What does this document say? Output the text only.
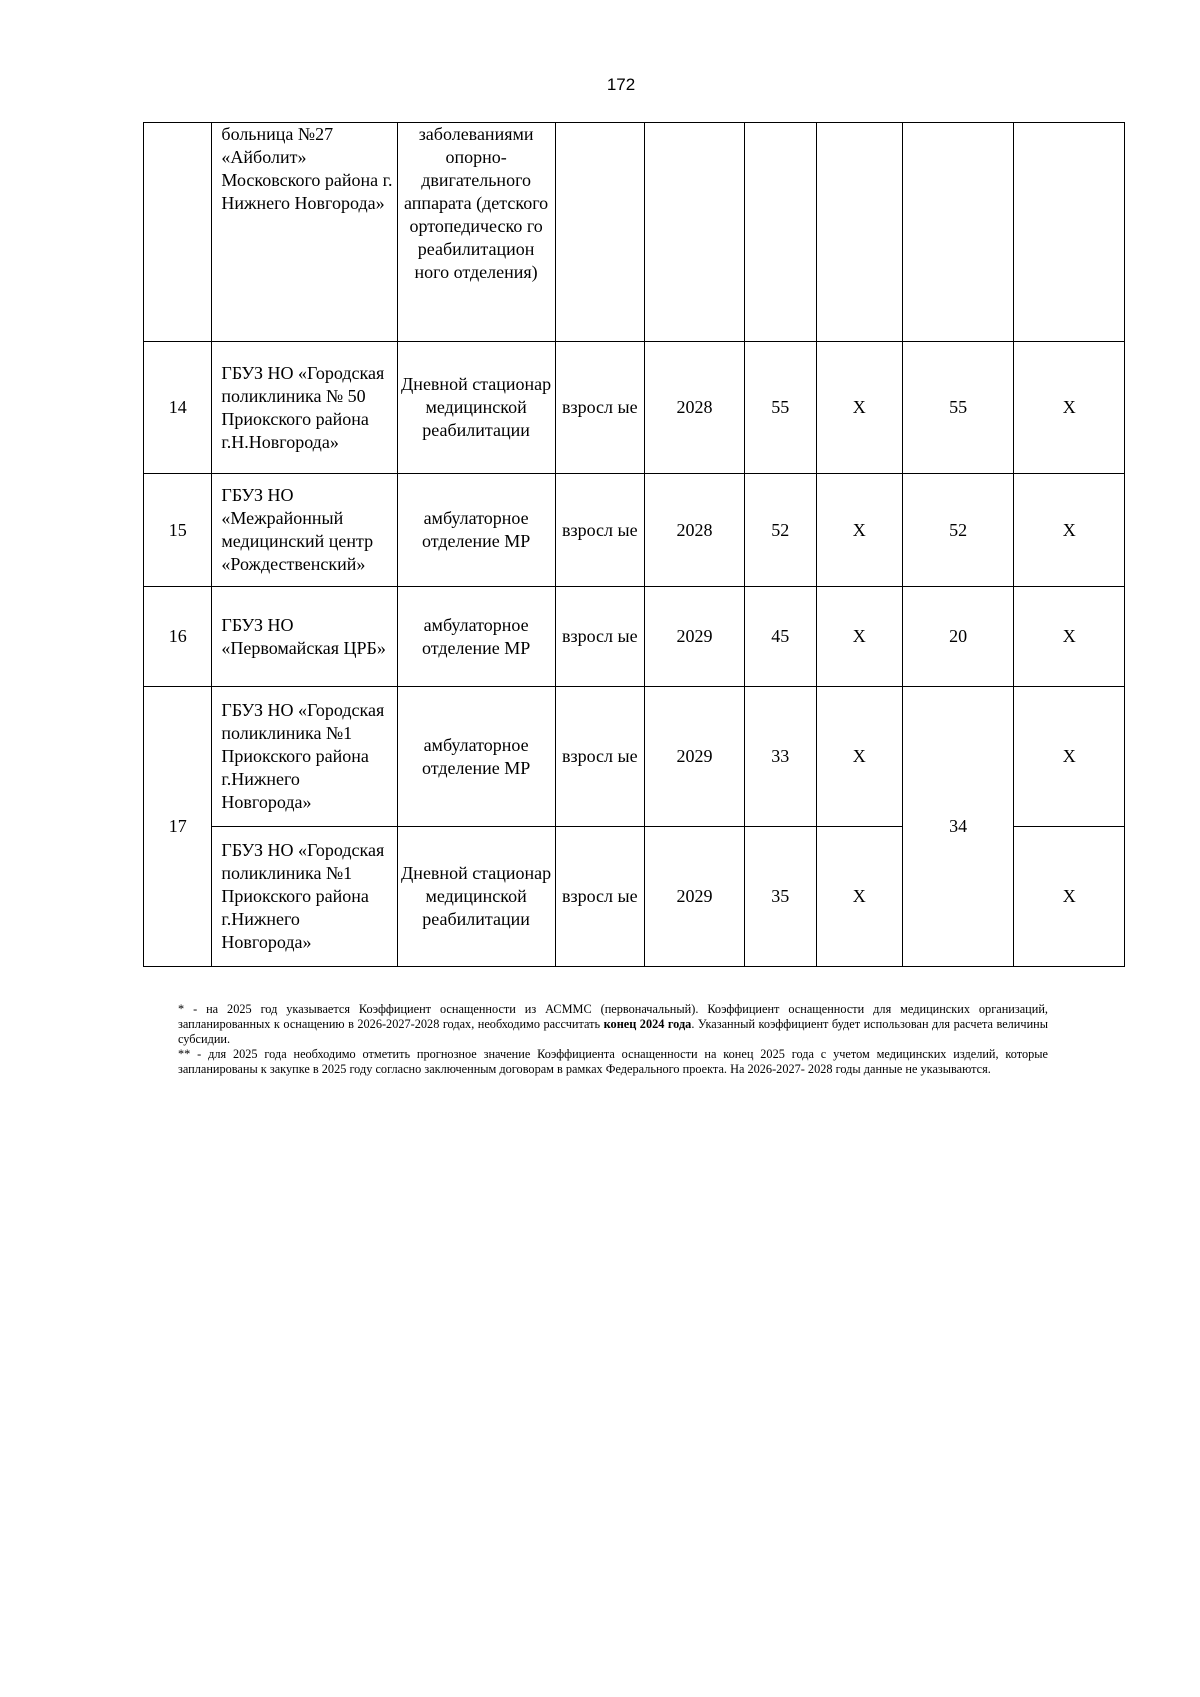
172
	больница №27 «Айболит» Московского района г. Нижнего Новгорода»	заболеваниями опорно-двигательного аппарата (детского ортопедическо го реабилитацион ного отделения)						
14	ГБУЗ НО «Городская поликлиника № 50 Приокского района г.Н.Новгорода»	Дневной стационар медицинской реабилитации	взросл ые	2028	55	X	55	X
15	ГБУЗ НО «Межрайонный медицинский центр «Рождественский»	амбулаторное отделение МР	взросл ые	2028	52	X	52	X
16	ГБУЗ НО «Первомайская ЦРБ»	амбулаторное отделение МР	взросл ые	2029	45	X	20	X
17	ГБУЗ НО «Городская поликлиника №1 Приокского района г.Нижнего Новгорода»	амбулаторное отделение МР	взросл ые	2029	33	X	34	X
	ГБУЗ НО «Городская поликлиника №1 Приокского района г.Нижнего Новгорода»	Дневной стационар медицинской реабилитации	взросл ые	2029	35	X		X

* - на 2025 год указывается Коэффициент оснащенности из АСММС (первоначальный). Коэффициент оснащенности для медицинских организаций, запланированных к оснащению в 2026-2027-2028 годах, необходимо рассчитать конец 2024 года. Указанный коэффициент будет использован для расчета величины субсидии.

** - для 2025 года необходимо отметить прогнозное значение Коэффициента оснащенности на конец 2025 года с учетом медицинских изделий, которые запланированы к закупке в 2025 году согласно заключенным договорам в рамках Федерального проекта. На 2026-2027- 2028 годы данные не указываются.
